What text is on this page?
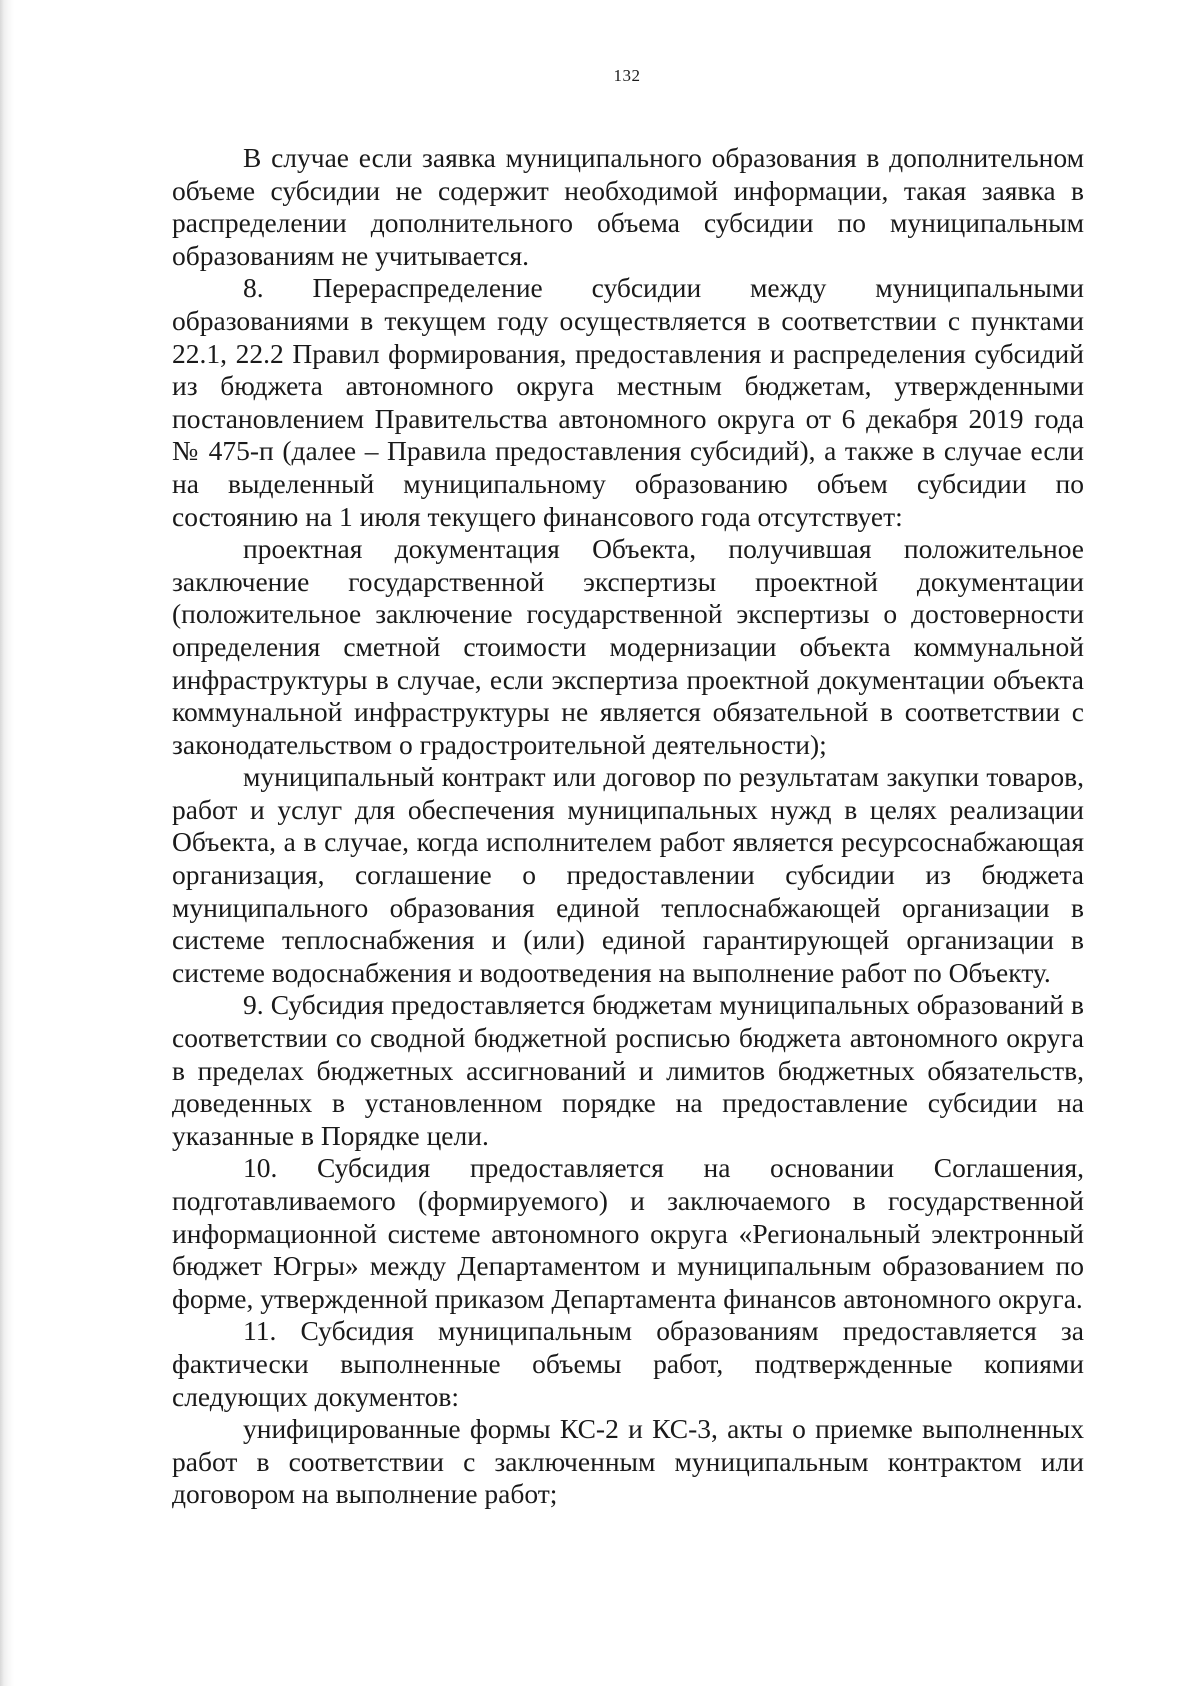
132

В случае если заявка муниципального образования в дополнительном объеме субсидии не содержит необходимой информации, такая заявка в распределении дополнительного объема субсидии по муниципальным образованиям не учитывается.

8. Перераспределение субсидии между муниципальными образованиями в текущем году осуществляется в соответствии с пунктами 22.1, 22.2 Правил формирования, предоставления и распределения субсидий из бюджета автономного округа местным бюджетам, утвержденными постановлением Правительства автономного округа от 6 декабря 2019 года № 475-п (далее – Правила предоставления субсидий), а также в случае если на выделенный муниципальному образованию объем субсидии по состоянию на 1 июля текущего финансового года отсутствует:

проектная документация Объекта, получившая положительное заключение государственной экспертизы проектной документации (положительное заключение государственной экспертизы о достоверности определения сметной стоимости модернизации объекта коммунальной инфраструктуры в случае, если экспертиза проектной документации объекта коммунальной инфраструктуры не является обязательной в соответствии с законодательством о градостроительной деятельности);

муниципальный контракт или договор по результатам закупки товаров, работ и услуг для обеспечения муниципальных нужд в целях реализации Объекта, а в случае, когда исполнителем работ является ресурсоснабжающая организация, соглашение о предоставлении субсидии из бюджета муниципального образования единой теплоснабжающей организации в системе теплоснабжения и (или) единой гарантирующей организации в системе водоснабжения и водоотведения на выполнение работ по Объекту.

9. Субсидия предоставляется бюджетам муниципальных образований в соответствии со сводной бюджетной росписью бюджета автономного округа в пределах бюджетных ассигнований и лимитов бюджетных обязательств, доведенных в установленном порядке на предоставление субсидии на указанные в Порядке цели.

10. Субсидия предоставляется на основании Соглашения, подготавливаемого (формируемого) и заключаемого в государственной информационной системе автономного округа «Региональный электронный бюджет Югры» между Департаментом и муниципальным образованием по форме, утвержденной приказом Департамента финансов автономного округа.

11. Субсидия муниципальным образованиям предоставляется за фактически выполненные объемы работ, подтвержденные копиями следующих документов:

унифицированные формы КС-2 и КС-3, акты о приемке выполненных работ в соответствии с заключенным муниципальным контрактом или договором на выполнение работ;
